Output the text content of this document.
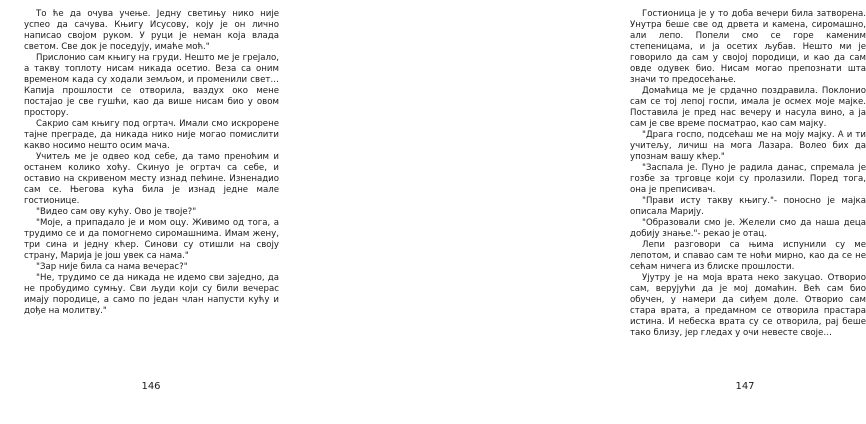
То ће да очува учење. Једну светињу нико није успео да сачува. Књигу Исусову, коју је он лично написао својом руком. У руци је неман која влада светом. Све док је поседују, имаће моћ."

Прислонио сам књигу на груди. Нешто ме је грејало, а такву топлоту нисам никада осетио. Веза са оним временом када су ходали земљом, и променили свет… Капија прошлости се отворила, ваздух око мене постајао је све гушћи, као да више нисам био у овом простору.

Сакрио сам књигу под огртач. Имали смо искрорене тајне преграде, да никада нико није могао помислити какво носимо нешто осим мача.

Учитељ ме је одвео код себе, да тамо пренoћим и останем колико хоћу. Скинуо је огртач са себе, и оставио на скривеном месту изнад пећине. Изненадио сам се. Његова кућа била је изнад једне мале гостионице.

"Видео сам ову кућу. Ово је твоје?"

"Моје, а припадало је и мом оцу. Живимо од тога, а трудимо се и да помогнемо сиромашнима. Имам жену, три сина и једну кћер. Синови су отишли на своју страну, Марија је још увек са нама."

"Зар није била са нама вечерас?"

"Не, трудимо се да никада не идемо сви заједно, да не пробудимо сумњу. Сви људи који су били вечерас имају породице, а само по један члан напусти кућу и дође на молитву."

146

Гостионица је у то доба вечери била затворена. Унутра беше све од дрвета и камена, сиромашно, али лепо. Попели смо се горе каменим степеницама, и ја осетих љубав. Нешто ми је говорило да сам у својој породици, и као да сам овде одувек био. Нисам могао препознати шта значи то предосећање.

Домаћица ме је срдачно поздравила. Поклонио сам се тој лепој госпи, имала је осмех моје мајке. Поставила је пред нас вечеру и насула вино, а ја сам је све време посматрао, као сам мајку.

"Драга госпо, подсећаш ме на моју мајку. А и ти учитељу, личиш на мога Лазара. Волео бих да упознам вашу кћер."

"Заспала је. Пуно је радила данас, спремала је гозбе за трговце који су пролазили. Поред тога, она је преписивач.

"Прави исту такву књигу."- поносно је мајка описала Марију.

"Образовали смо је. Желели смо да наша деца добију знање."- рекао је отац.

Лепи разговори са њима испунили су ме лепотом, и спавао сам те ноћи мирно, као да се не сећам ничега из блиске прошлости.

Ујутру је на моја врата неко закуцао. Отворио сам, верујући да је мој домаћин. Већ сам био обучен, у намери да сиђем доле. Отворио сам стара врата, а предамном се отворила прастара истина. И небеска врата су се отворила, рај беше тако близу, јер гледах у очи невесте своје…

147
